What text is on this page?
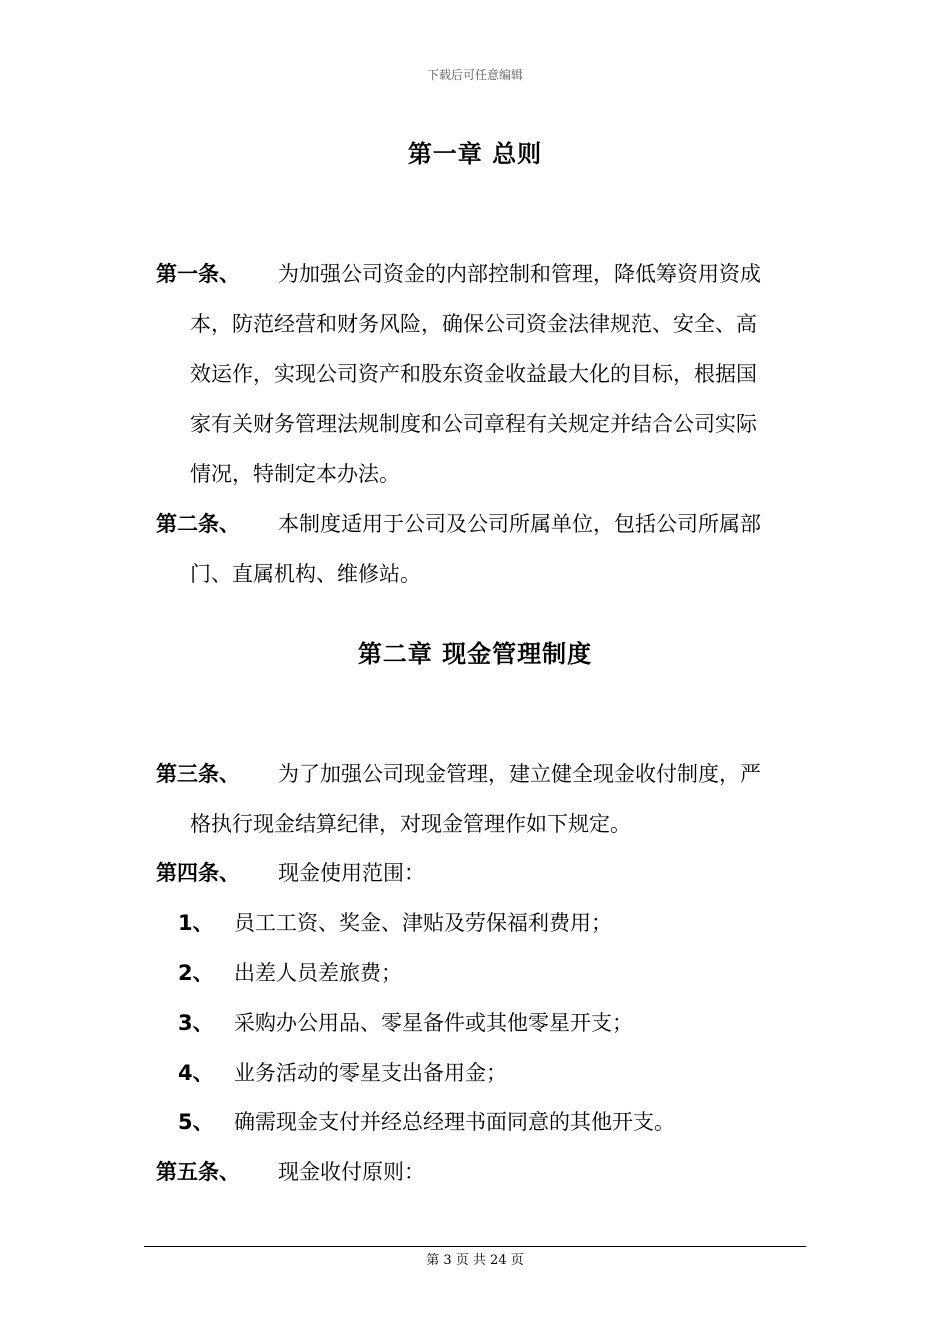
下载后可任意编辑
第一章 总则
第一条、 为加强公司资金的内部控制和管理，降低筹资用资成
本，防范经营和财务风险，确保公司资金法律规范、安全、高
效运作，实现公司资产和股东资金收益最大化的目标，根据国
家有关财务管理法规制度和公司章程有关规定并结合公司实际
情况，特制定本办法。
第二条、 本制度适用于公司及公司所属单位，包括公司所属部
门、直属机构、维修站。
第二章 现金管理制度
第三条、 为了加强公司现金管理，建立健全现金收付制度，严
格执行现金结算纪律，对现金管理作如下规定。
第四条、 现金使用范围：
1、 员工工资、奖金、津贴及劳保福利费用；
2、 出差人员差旅费；
3、 采购办公用品、零星备件或其他零星开支；
4、 业务活动的零星支出备用金；
5、 确需现金支付并经总经理书面同意的其他开支。
第五条、 现金收付原则：
第 3 页 共 24 页
